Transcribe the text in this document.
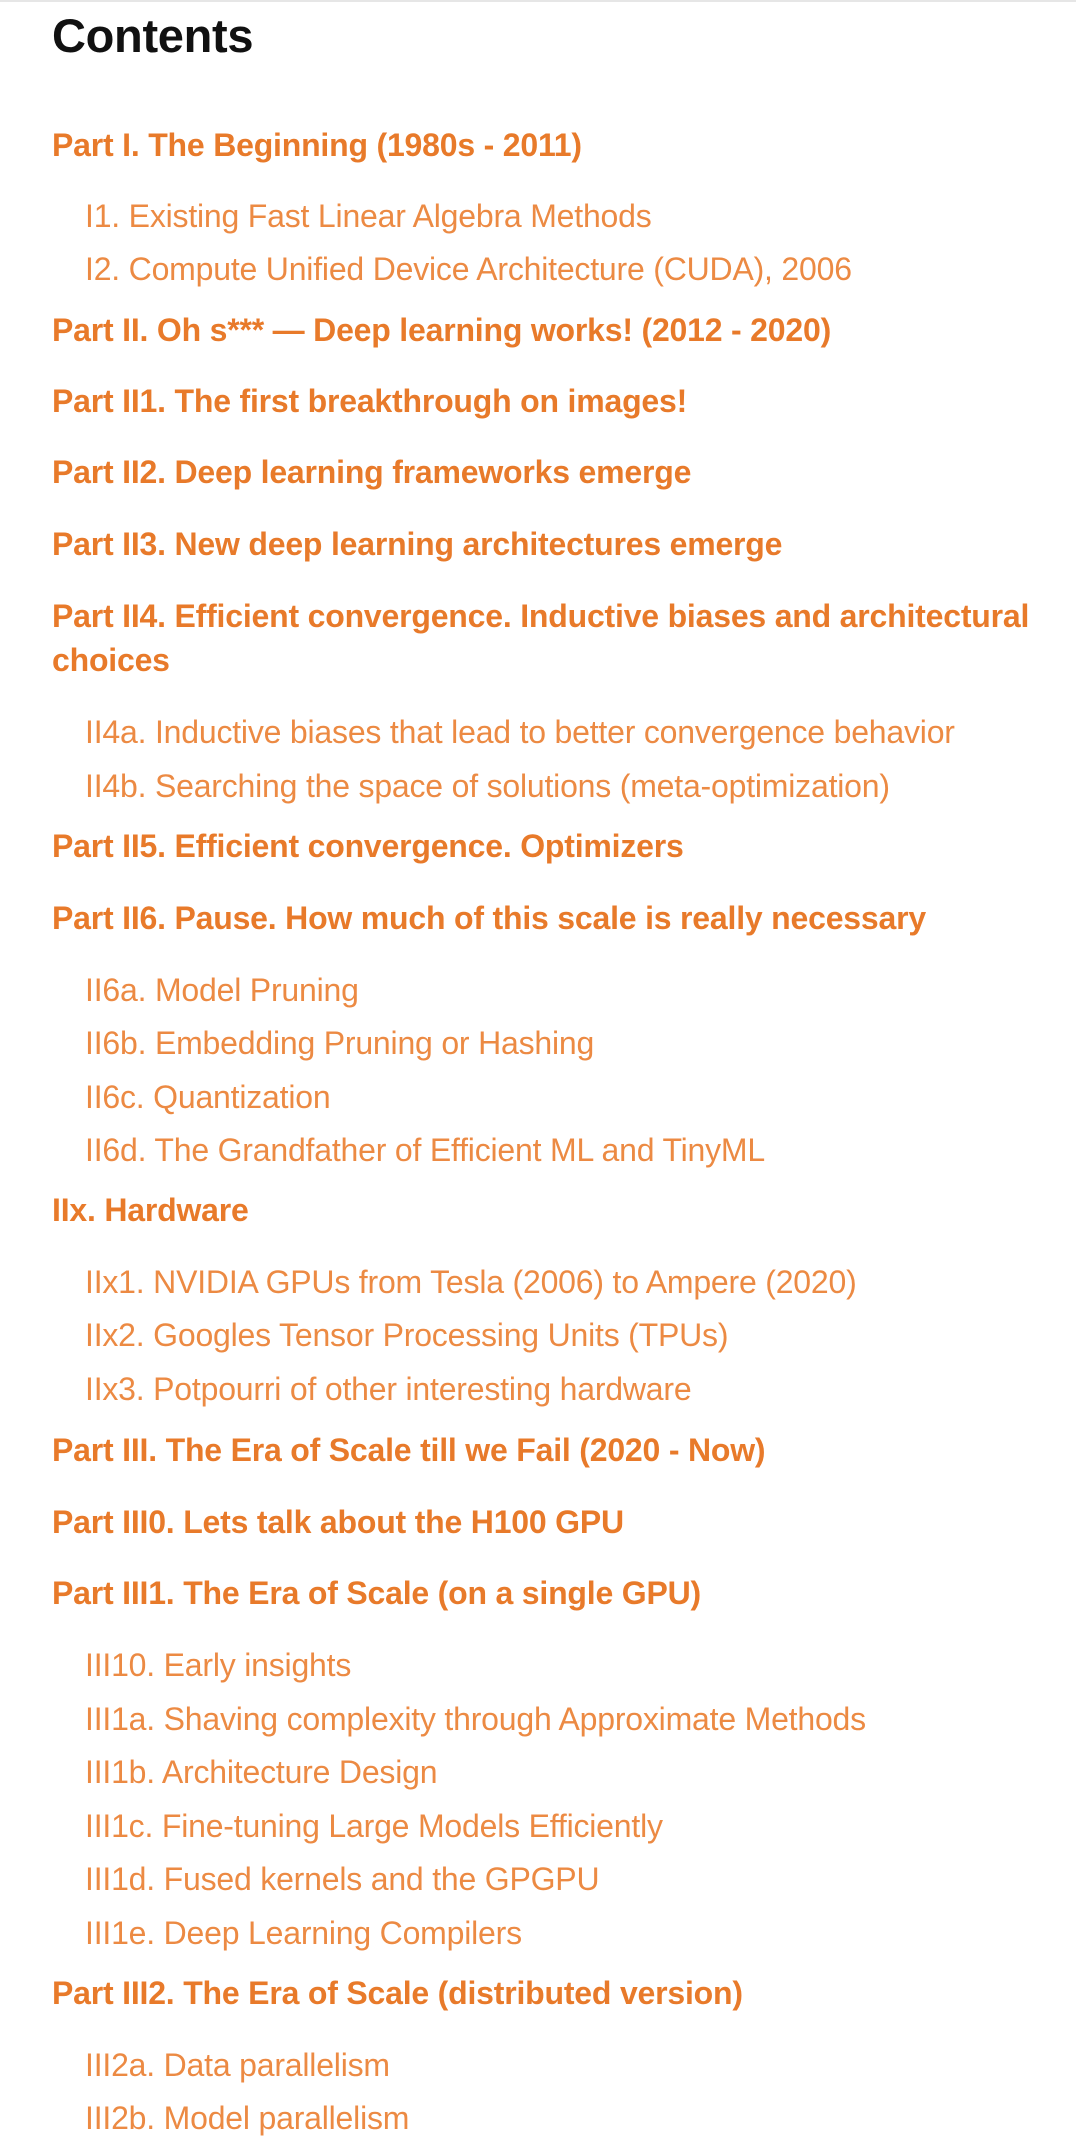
Contents
Part I. The Beginning (1980s - 2011)
I1. Existing Fast Linear Algebra Methods
I2. Compute Unified Device Architecture (CUDA), 2006
Part II. Oh s*** — Deep learning works! (2012 - 2020)
Part II1. The first breakthrough on images!
Part II2. Deep learning frameworks emerge
Part II3. New deep learning architectures emerge
Part II4. Efficient convergence. Inductive biases and architectural choices
II4a. Inductive biases that lead to better convergence behavior
II4b. Searching the space of solutions (meta-optimization)
Part II5. Efficient convergence. Optimizers
Part II6. Pause. How much of this scale is really necessary
II6a. Model Pruning
II6b. Embedding Pruning or Hashing
II6c. Quantization
II6d. The Grandfather of Efficient ML and TinyML
IIx. Hardware
IIx1. NVIDIA GPUs from Tesla (2006) to Ampere (2020)
IIx2. Googles Tensor Processing Units (TPUs)
IIx3. Potpourri of other interesting hardware
Part III. The Era of Scale till we Fail (2020 - Now)
Part III0. Lets talk about the H100 GPU
Part III1. The Era of Scale (on a single GPU)
III10. Early insights
III1a. Shaving complexity through Approximate Methods
III1b. Architecture Design
III1c. Fine-tuning Large Models Efficiently
III1d. Fused kernels and the GPGPU
III1e. Deep Learning Compilers
Part III2. The Era of Scale (distributed version)
III2a. Data parallelism
III2b. Model parallelism
